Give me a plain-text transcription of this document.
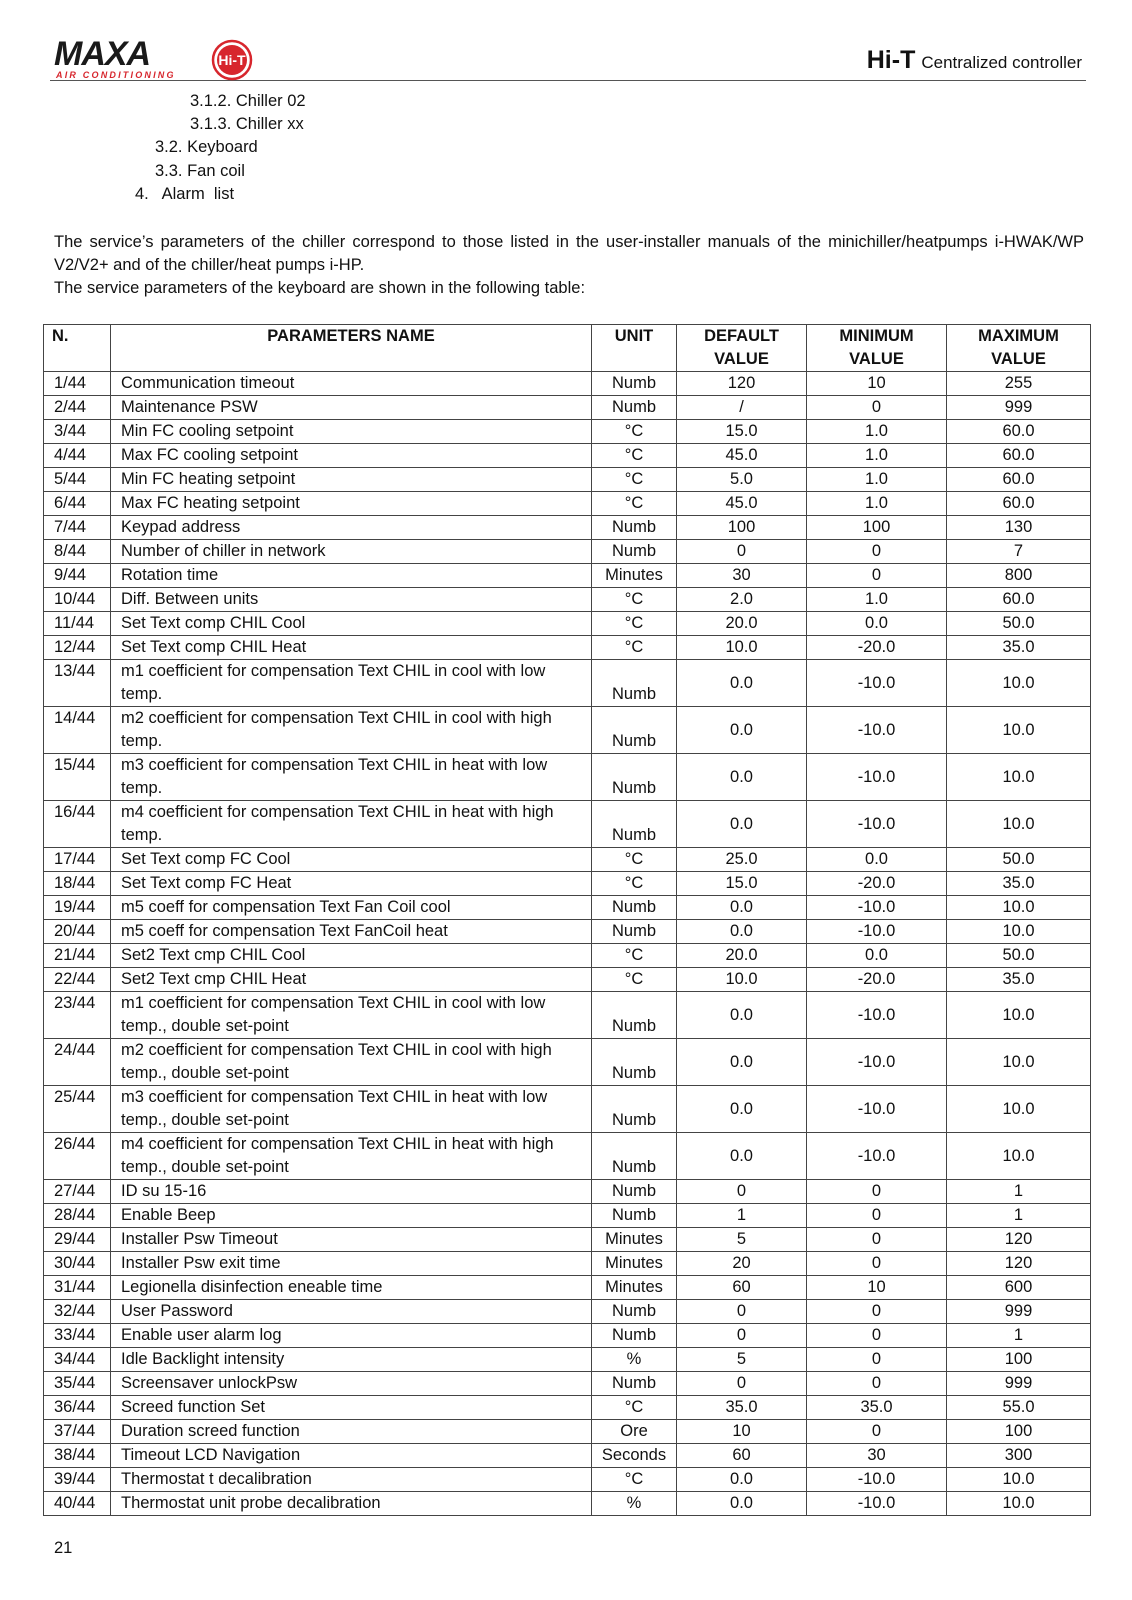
MAXA
AIR CONDITIONING
Hi-T	Hi-T Centralized controller
3.1.2. Chiller 02
3.1.3. Chiller xx
3.2. Keyboard
3.3. Fan coil
4.   Alarm  list
The service’s parameters of the chiller correspond to those listed in the user-installer manuals of the minichiller/heatpumps i-HWAK/WP V2/V2+ and of the chiller/heat pumps i-HP.
The service parameters of the keyboard are shown in the following table:
N.	PARAMETERS NAME	UNIT	DEFAULT VALUE	MINIMUM VALUE	MAXIMUM VALUE
1/44	Communication timeout	Numb	120	10	255
2/44	Maintenance PSW	Numb	/	0	999
3/44	Min FC cooling setpoint	°C	15.0	1.0	60.0
4/44	Max FC cooling setpoint	°C	45.0	1.0	60.0
5/44	Min FC heating setpoint	°C	5.0	1.0	60.0
6/44	Max FC heating setpoint	°C	45.0	1.0	60.0
7/44	Keypad address	Numb	100	100	130
8/44	Number of chiller in network	Numb	0	0	7
9/44	Rotation time	Minutes	30	0	800
10/44	Diff. Between units	°C	2.0	1.0	60.0
11/44	Set Text comp CHIL Cool	°C	20.0	0.0	50.0
12/44	Set Text comp CHIL Heat	°C	10.0	-20.0	35.0
13/44	m1 coefficient for compensation Text CHIL in cool with low temp.	Numb	0.0	-10.0	10.0
14/44	m2 coefficient for compensation Text CHIL in cool with high temp.	Numb	0.0	-10.0	10.0
15/44	m3 coefficient for compensation Text CHIL in heat with low temp.	Numb	0.0	-10.0	10.0
16/44	m4 coefficient for compensation Text CHIL in heat with high temp.	Numb	0.0	-10.0	10.0
17/44	Set Text comp FC Cool	°C	25.0	0.0	50.0
18/44	Set Text comp FC Heat	°C	15.0	-20.0	35.0
19/44	m5 coeff for compensation Text Fan Coil cool	Numb	0.0	-10.0	10.0
20/44	m5 coeff for compensation Text FanCoil heat	Numb	0.0	-10.0	10.0
21/44	Set2 Text cmp CHIL Cool	°C	20.0	0.0	50.0
22/44	Set2 Text cmp CHIL Heat	°C	10.0	-20.0	35.0
23/44	m1 coefficient for compensation Text CHIL in cool with low temp., double set-point	Numb	0.0	-10.0	10.0
24/44	m2 coefficient for compensation Text CHIL in cool with high temp., double set-point	Numb	0.0	-10.0	10.0
25/44	m3 coefficient for compensation Text CHIL in heat with low temp., double set-point	Numb	0.0	-10.0	10.0
26/44	m4 coefficient for compensation Text CHIL in heat with high temp., double set-point	Numb	0.0	-10.0	10.0
27/44	ID su 15-16	Numb	0	0	1
28/44	Enable Beep	Numb	1	0	1
29/44	Installer Psw Timeout	Minutes	5	0	120
30/44	Installer Psw exit time	Minutes	20	0	120
31/44	Legionella disinfection eneable time	Minutes	60	10	600
32/44	User Password	Numb	0	0	999
33/44	Enable user alarm log	Numb	0	0	1
34/44	Idle Backlight intensity	%	5	0	100
35/44	Screensaver unlockPsw	Numb	0	0	999
36/44	Screed function Set	°C	35.0	35.0	55.0
37/44	Duration screed function	Ore	10	0	100
38/44	Timeout LCD Navigation	Seconds	60	30	300
39/44	Thermostat t decalibration	°C	0.0	-10.0	10.0
40/44	Thermostat unit probe decalibration	%	0.0	-10.0	10.0
21
